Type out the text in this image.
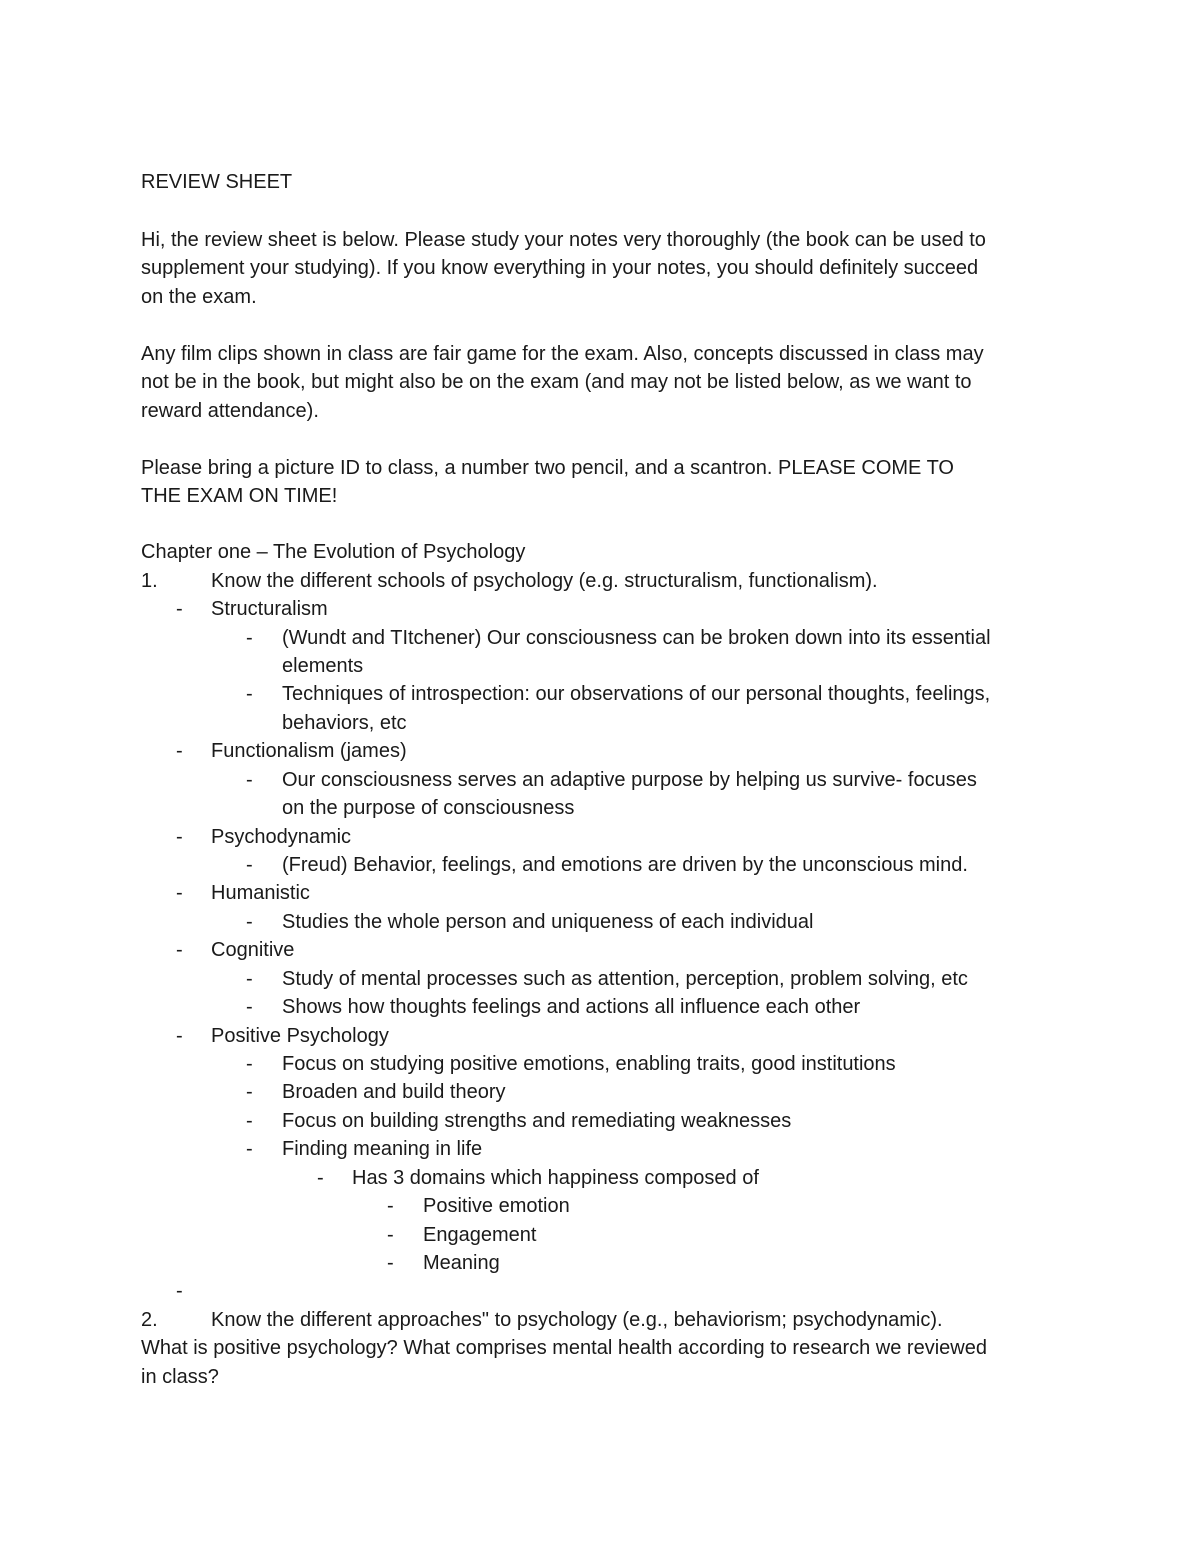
REVIEW SHEET
Hi, the review sheet is below. Please study your notes very thoroughly (the book can be used to
supplement your studying). If you know everything in your notes, you should definitely succeed
on the exam.
Any film clips shown in class are fair game for the exam. Also, concepts discussed in class may
not be in the book, but might also be on the exam (and may not be listed below, as we want to
reward attendance).
Please bring a picture ID to class, a number two pencil, and a scantron. PLEASE COME TO
THE EXAM ON TIME!
Chapter one – The Evolution of Psychology
1.	Know the different schools of psychology (e.g. structuralism, functionalism).
- Structuralism
- (Wundt and TItchener) Our consciousness can be broken down into its essential
elements
- Techniques of introspection: our observations of our personal thoughts, feelings,
behaviors, etc
- Functionalism (james)
- Our consciousness serves an adaptive purpose by helping us survive- focuses
on the purpose of consciousness
- Psychodynamic
- (Freud) Behavior, feelings, and emotions are driven by the unconscious mind.
- Humanistic
- Studies the whole person and uniqueness of each individual
- Cognitive
- Study of mental processes such as attention, perception, problem solving, etc
- Shows how thoughts feelings and actions all influence each other
- Positive Psychology
- Focus on studying positive emotions, enabling traits, good institutions
- Broaden and build theory
- Focus on building strengths and remediating weaknesses
- Finding meaning in life
- Has 3 domains which happiness composed of
- Positive emotion
- Engagement
- Meaning
-
2.	Know the different approaches" to psychology (e.g., behaviorism; psychodynamic).
What is positive psychology? What comprises mental health according to research we reviewed
in class?
